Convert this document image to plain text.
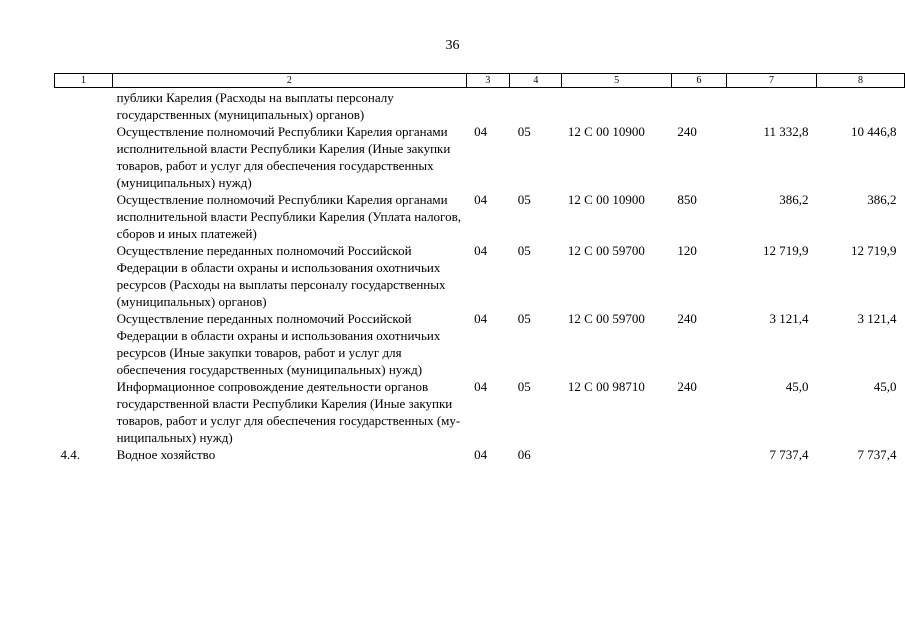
36
1	2	3	4	5	6	7	8
	публики Карелия (Расходы на выплаты персоналу государственных (муниципальных) органов)						
	Осуществление полномочий Республики Карелия органами исполнительной власти Республики Карелия (Иные закупки товаров, работ и услуг для обеспечения государственных (муниципальных) нужд)	04	05	12 С 00 10900	240	11 332,8	10 446,8
	Осуществление полномочий Республики Карелия органами исполнительной власти Республики Карелия (Уплата налогов, сборов и иных платежей)	04	05	12 С 00 10900	850	386,2	386,2
	Осуществление переданных полномочий Российской Федерации в области охраны и использования охотничьих ресурсов (Расходы на выплаты персоналу государственных (муниципальных) органов)	04	05	12 С 00 59700	120	12 719,9	12 719,9
	Осуществление переданных полномочий Российской Федерации в области охраны и использования охотничьих ресурсов (Иные закупки товаров, работ и услуг для обеспечения государственных (муниципальных) нужд)	04	05	12 С 00 59700	240	3 121,4	3 121,4
	Информационное сопровождение деятельности органов государственной власти Республики Карелия (Иные закупки товаров, работ и услуг для обеспечения государственных (муниципальных) нужд)	04	05	12 С 00 98710	240	45,0	45,0
4.4.	Водное хозяйство	04	06			7 737,4	7 737,4
